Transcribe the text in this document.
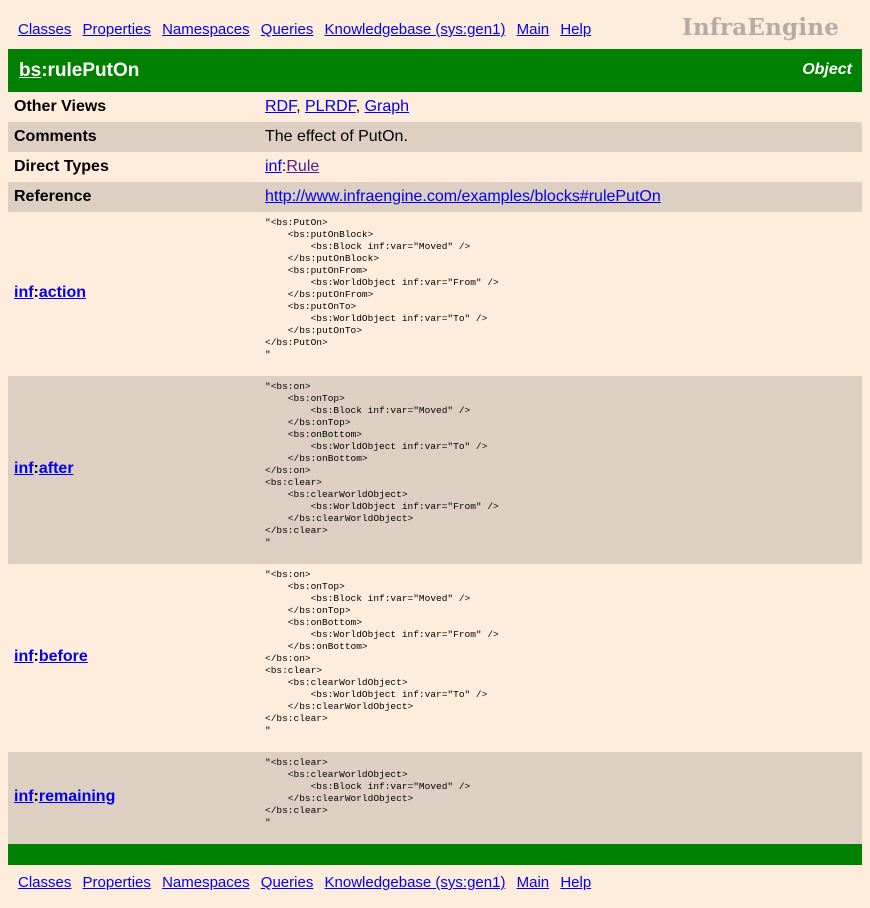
Classes Properties Namespaces Queries Knowledgebase (sys:gen1) Main Help	InfraEngine
bs:rulePutOn	Object
Other Views	RDF, PLRDF, Graph
Comments	The effect of PutOn.
Direct Types	inf:Rule
Reference	http://www.infraengine.com/examples/blocks#rulePutOn
inf:action
"<bs:PutOn>
<bs:putOnBlock>
<bs:Block inf:var="Moved" />
</bs:putOnBlock>
<bs:putOnFrom>
<bs:WorldObject inf:var="From" />
</bs:putOnFrom>
<bs:putOnTo>
<bs:WorldObject inf:var="To" />
</bs:putOnTo>
</bs:PutOn>
"
inf:after
"<bs:on>
<bs:onTop>
<bs:Block inf:var="Moved" />
</bs:onTop>
<bs:onBottom>
<bs:WorldObject inf:var="To" />
</bs:onBottom>
</bs:on>
<bs:clear>
<bs:clearWorldObject>
<bs:WorldObject inf:var="From" />
</bs:clearWorldObject>
</bs:clear>
"
inf:before
"<bs:on>
<bs:onTop>
<bs:Block inf:var="Moved" />
</bs:onTop>
<bs:onBottom>
<bs:WorldObject inf:var="From" />
</bs:onBottom>
</bs:on>
<bs:clear>
<bs:clearWorldObject>
<bs:WorldObject inf:var="To" />
</bs:clearWorldObject>
</bs:clear>
"
inf:remaining
"<bs:clear>
<bs:clearWorldObject>
<bs:Block inf:var="Moved" />
</bs:clearWorldObject>
</bs:clear>
"
Classes Properties Namespaces Queries Knowledgebase (sys:gen1) Main Help
